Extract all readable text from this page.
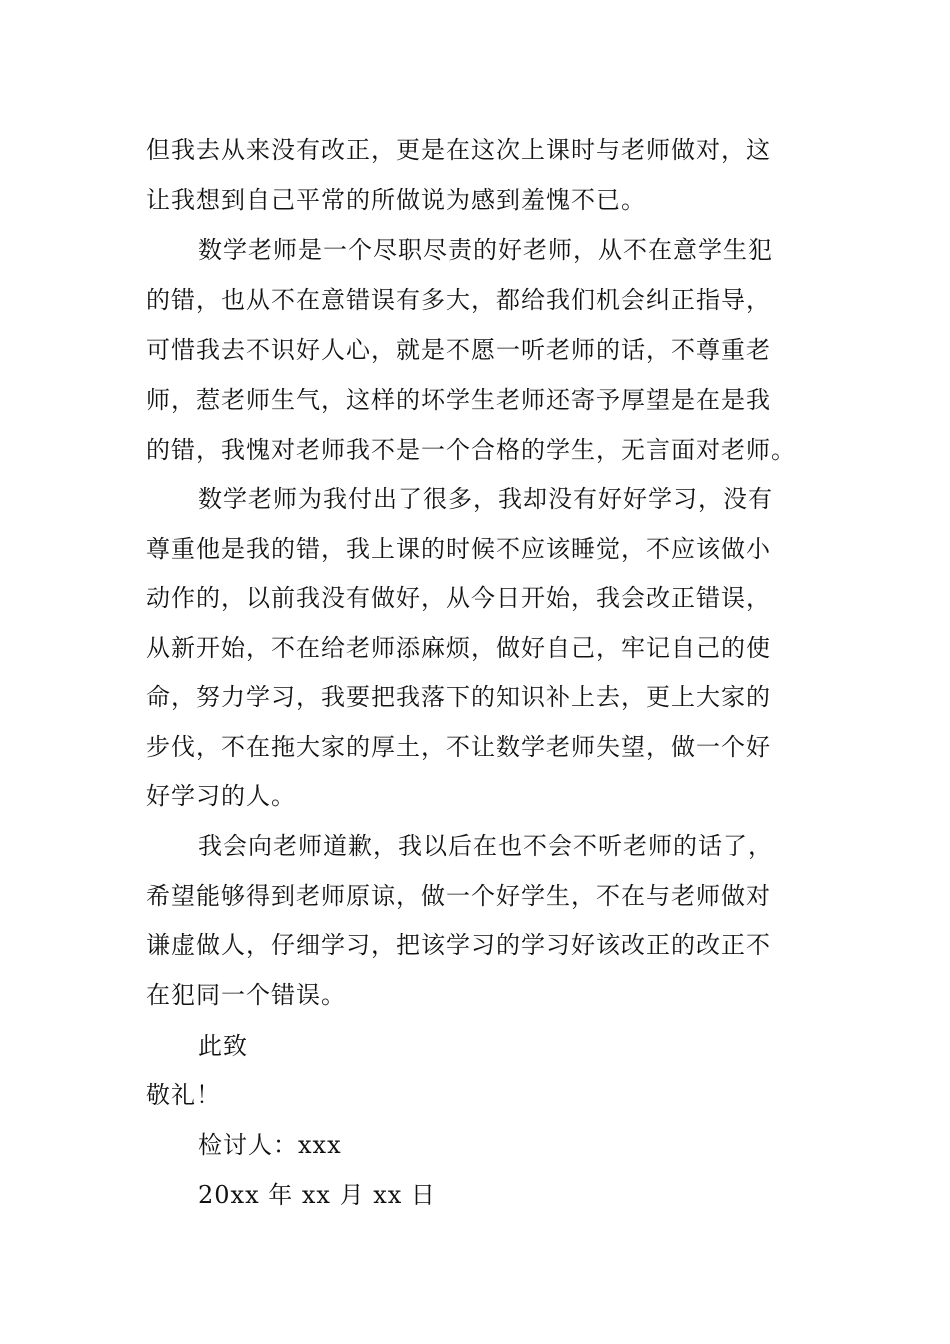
但我去从来没有改正，更是在这次上课时与老师做对，这
让我想到自己平常的所做说为感到羞愧不已。
数学老师是一个尽职尽责的好老师，从不在意学生犯
的错，也从不在意错误有多大，都给我们机会纠正指导，
可惜我去不识好人心，就是不愿一听老师的话，不尊重老
师，惹老师生气，这样的坏学生老师还寄予厚望是在是我
的错，我愧对老师我不是一个合格的学生，无言面对老师。
数学老师为我付出了很多，我却没有好好学习，没有
尊重他是我的错，我上课的时候不应该睡觉，不应该做小
动作的，以前我没有做好，从今日开始，我会改正错误，
从新开始，不在给老师添麻烦，做好自己，牢记自己的使
命，努力学习，我要把我落下的知识补上去，更上大家的
步伐，不在拖大家的厚土，不让数学老师失望，做一个好
好学习的人。
我会向老师道歉，我以后在也不会不听老师的话了，
希望能够得到老师原谅，做一个好学生，不在与老师做对
谦虚做人，仔细学习，把该学习的学习好该改正的改正不
在犯同一个错误。
此致
敬礼！
检讨人：xxx
20xx 年 xx 月 xx 日
